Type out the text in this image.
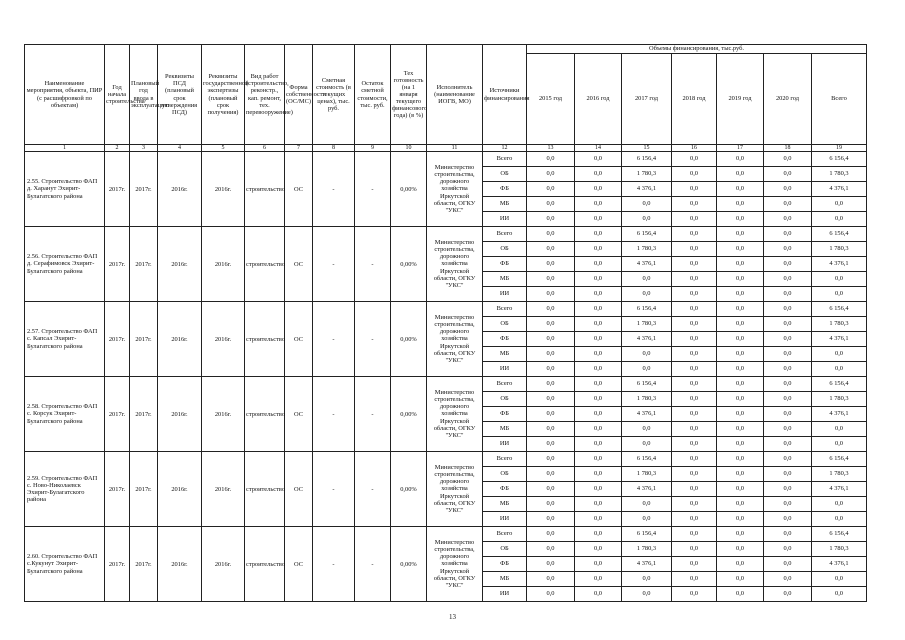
Наименование мероприятия, объекта, ПИР (с расшифровкой по объектам)	Год начала строительства	Плановый год ввода в эксплуатацию	Реквизиты ПСД (плановый срок утверждения ПСД)	Реквизиты государственной экспертизы (плановый срок получения)	Вид работ (строительство, реконстр., кап. ремонт, тех. перевооружение)	Форма собственности (ОС/МС)	Сметная стоимость (в текущих ценах), тыс. руб.	Остаток сметной стоимости, тыс. руб.	Тех готовность (на 1 января текущего финансового года) (в %)	Исполнитель (наименование ИОГВ, МО)	Источники финансирования	Объемы финансирования, тыс.руб.						
												2015 год	2016 год	2017 год	2018 год	2019 год	2020 год	Всего
1	2	3	4	5	6	7	8	9	10	11	12	13	14	15	16	17	18	19
2.55. Строительство ФАП д. Харанут Эхирит-Булагатского района	2017г.	2017г.	2016г.	2016г.	строительство	ОС	-	-	0,00%	Министерство строительства, дорожного хозяйства Иркутской области, ОГКУ "УКС"	Всего	0,0	0,0	6 156,4	0,0	0,0	0,0	6 156,4
											ОБ	0,0	0,0	1 780,3	0,0	0,0	0,0	1 780,3
											ФБ	0,0	0,0	4 376,1	0,0	0,0	0,0	4 376,1
											МБ	0,0	0,0	0,0	0,0	0,0	0,0	0,0
											ИИ	0,0	0,0	0,0	0,0	0,0	0,0	0,0
2.56. Строительство ФАП д. Серафимовск Эхирит-Булагатского района	2017г.	2017г.	2016г.	2016г.	строительство	ОС	-	-	0,00%	Министерство строительства, дорожного хозяйства Иркутской области, ОГКУ "УКС"	Всего	0,0	0,0	6 156,4	0,0	0,0	0,0	6 156,4
											ОБ	0,0	0,0	1 780,3	0,0	0,0	0,0	1 780,3
											ФБ	0,0	0,0	4 376,1	0,0	0,0	0,0	4 376,1
											МБ	0,0	0,0	0,0	0,0	0,0	0,0	0,0
											ИИ	0,0	0,0	0,0	0,0	0,0	0,0	0,0
2.57. Строительство ФАП с. Капсал Эхирит-Булагатского района	2017г.	2017г.	2016г.	2016г.	строительство	ОС	-	-	0,00%	Министерство строительства, дорожного хозяйства Иркутской области, ОГКУ "УКС"	Всего	0,0	0,0	6 156,4	0,0	0,0	0,0	6 156,4
											ОБ	0,0	0,0	1 780,3	0,0	0,0	0,0	1 780,3
											ФБ	0,0	0,0	4 376,1	0,0	0,0	0,0	4 376,1
											МБ	0,0	0,0	0,0	0,0	0,0	0,0	0,0
											ИИ	0,0	0,0	0,0	0,0	0,0	0,0	0,0
2.58. Строительство ФАП с. Корсук Эхирит-Булагатского района	2017г.	2017г.	2016г.	2016г.	строительство	ОС	-	-	0,00%	Министерство строительства, дорожного хозяйства Иркутской области, ОГКУ "УКС"	Всего	0,0	0,0	6 156,4	0,0	0,0	0,0	6 156,4
											ОБ	0,0	0,0	1 780,3	0,0	0,0	0,0	1 780,3
											ФБ	0,0	0,0	4 376,1	0,0	0,0	0,0	4 376,1
											МБ	0,0	0,0	0,0	0,0	0,0	0,0	0,0
											ИИ	0,0	0,0	0,0	0,0	0,0	0,0	0,0
2.59. Строительство ФАП с. Ново-Николаевск Эхирит-Булагатского района	2017г.	2017г.	2016г.	2016г.	строительство	ОС	-	-	0,00%	Министерство строительства, дорожного хозяйства Иркутской области, ОГКУ "УКС"	Всего	0,0	0,0	6 156,4	0,0	0,0	0,0	6 156,4
											ОБ	0,0	0,0	1 780,3	0,0	0,0	0,0	1 780,3
											ФБ	0,0	0,0	4 376,1	0,0	0,0	0,0	4 376,1
											МБ	0,0	0,0	0,0	0,0	0,0	0,0	0,0
											ИИ	0,0	0,0	0,0	0,0	0,0	0,0	0,0
2.60. Строительство ФАП с.Кукунут Эхирит-Булагатского района	2017г.	2017г.	2016г.	2016г.	строительство	ОС	-	-	0,00%	Министерство строительства, дорожного хозяйства Иркутской области, ОГКУ "УКС"	Всего	0,0	0,0	6 156,4	0,0	0,0	0,0	6 156,4
											ОБ	0,0	0,0	1 780,3	0,0	0,0	0,0	1 780,3
											ФБ	0,0	0,0	4 376,1	0,0	0,0	0,0	4 376,1
											МБ	0,0	0,0	0,0	0,0	0,0	0,0	0,0
											ИИ	0,0	0,0	0,0	0,0	0,0	0,0	0,0
13
